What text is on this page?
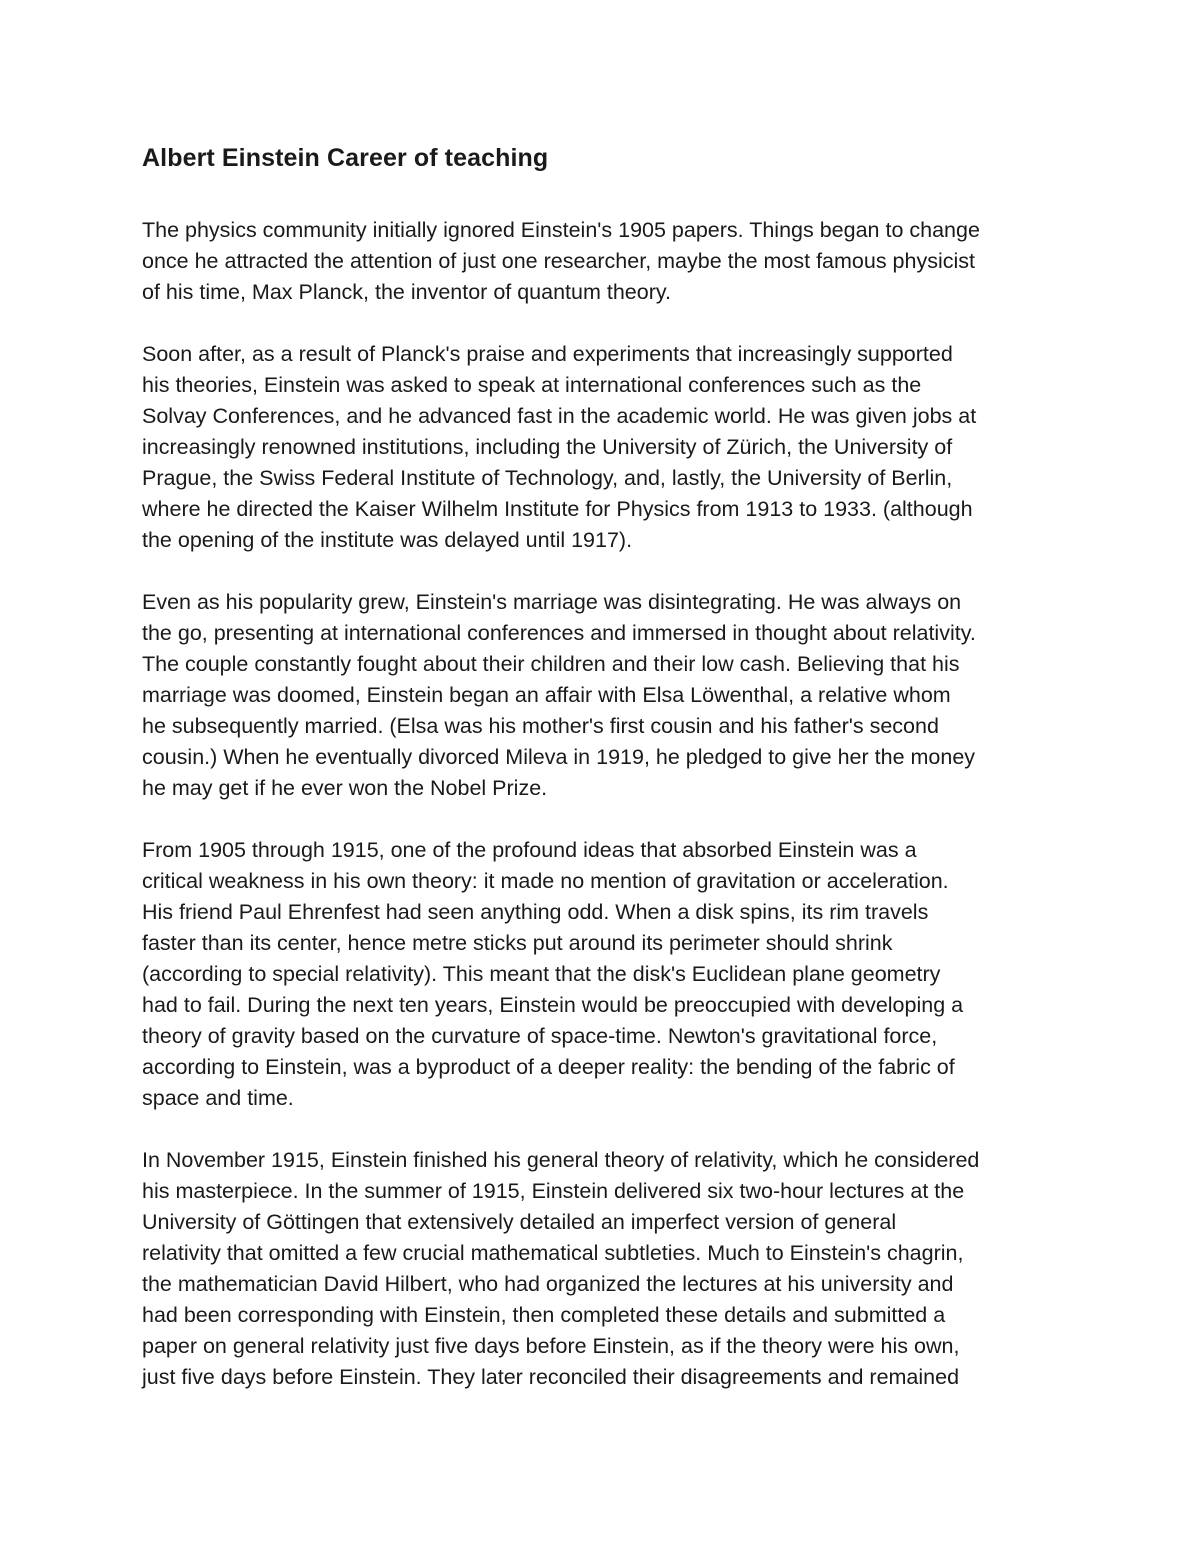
Albert Einstein Career of teaching
The physics community initially ignored Einstein's 1905 papers. Things began to change
once he attracted the attention of just one researcher, maybe the most famous physicist
of his time, Max Planck, the inventor of quantum theory.
Soon after, as a result of Planck's praise and experiments that increasingly supported
his theories, Einstein was asked to speak at international conferences such as the
Solvay Conferences, and he advanced fast in the academic world. He was given jobs at
increasingly renowned institutions, including the University of Zürich, the University of
Prague, the Swiss Federal Institute of Technology, and, lastly, the University of Berlin,
where he directed the Kaiser Wilhelm Institute for Physics from 1913 to 1933. (although
the opening of the institute was delayed until 1917).
Even as his popularity grew, Einstein's marriage was disintegrating. He was always on
the go, presenting at international conferences and immersed in thought about relativity.
The couple constantly fought about their children and their low cash. Believing that his
marriage was doomed, Einstein began an affair with Elsa Löwenthal, a relative whom
he subsequently married. (Elsa was his mother's first cousin and his father's second
cousin.) When he eventually divorced Mileva in 1919, he pledged to give her the money
he may get if he ever won the Nobel Prize.
From 1905 through 1915, one of the profound ideas that absorbed Einstein was a
critical weakness in his own theory: it made no mention of gravitation or acceleration.
His friend Paul Ehrenfest had seen anything odd. When a disk spins, its rim travels
faster than its center, hence metre sticks put around its perimeter should shrink
(according to special relativity). This meant that the disk's Euclidean plane geometry
had to fail. During the next ten years, Einstein would be preoccupied with developing a
theory of gravity based on the curvature of space-time. Newton's gravitational force,
according to Einstein, was a byproduct of a deeper reality: the bending of the fabric of
space and time.
In November 1915, Einstein finished his general theory of relativity, which he considered
his masterpiece. In the summer of 1915, Einstein delivered six two-hour lectures at the
University of Göttingen that extensively detailed an imperfect version of general
relativity that omitted a few crucial mathematical subtleties. Much to Einstein's chagrin,
the mathematician David Hilbert, who had organized the lectures at his university and
had been corresponding with Einstein, then completed these details and submitted a
paper on general relativity just five days before Einstein, as if the theory were his own,
just five days before Einstein. They later reconciled their disagreements and remained
